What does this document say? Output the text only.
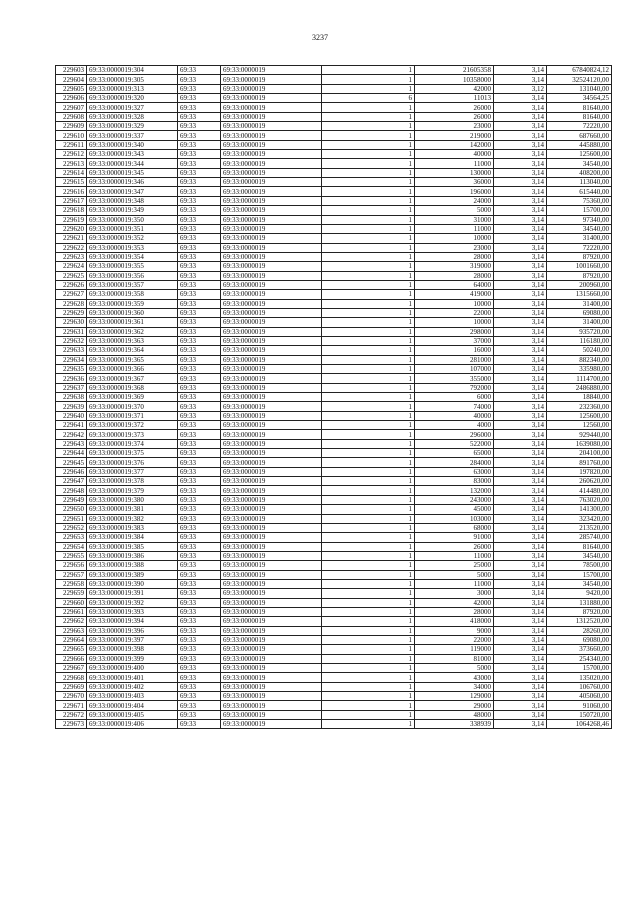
3237
229603	69:33:0000019:304	69:33	69:33:0000019	1	21605358	3,14	67840824,12
229604	69:33:0000019:305	69:33	69:33:0000019	1	10358000	3,14	32524120,00
229605	69:33:0000019:313	69:33	69:33:0000019	1	42000	3,12	131040,00
229606	69:33:0000019:320	69:33	69:33:0000019	6	11013	3,14	34564,25
229607	69:33:0000019:327	69:33	69:33:0000019	1	26000	3,14	81640,00
229608	69:33:0000019:328	69:33	69:33:0000019	1	26000	3,14	81640,00
229609	69:33:0000019:329	69:33	69:33:0000019	1	23000	3,14	72220,00
229610	69:33:0000019:337	69:33	69:33:0000019	1	219000	3,14	687660,00
229611	69:33:0000019:340	69:33	69:33:0000019	1	142000	3,14	445880,00
229612	69:33:0000019:343	69:33	69:33:0000019	1	40000	3,14	125600,00
229613	69:33:0000019:344	69:33	69:33:0000019	1	11000	3,14	34540,00
229614	69:33:0000019:345	69:33	69:33:0000019	1	130000	3,14	408200,00
229615	69:33:0000019:346	69:33	69:33:0000019	1	36000	3,14	113040,00
229616	69:33:0000019:347	69:33	69:33:0000019	1	196000	3,14	615440,00
229617	69:33:0000019:348	69:33	69:33:0000019	1	24000	3,14	75360,00
229618	69:33:0000019:349	69:33	69:33:0000019	1	5000	3,14	15700,00
229619	69:33:0000019:350	69:33	69:33:0000019	1	31000	3,14	97340,00
229620	69:33:0000019:351	69:33	69:33:0000019	1	11000	3,14	34540,00
229621	69:33:0000019:352	69:33	69:33:0000019	1	10000	3,14	31400,00
229622	69:33:0000019:353	69:33	69:33:0000019	1	23000	3,14	72220,00
229623	69:33:0000019:354	69:33	69:33:0000019	1	28000	3,14	87920,00
229624	69:33:0000019:355	69:33	69:33:0000019	1	319000	3,14	1001660,00
229625	69:33:0000019:356	69:33	69:33:0000019	1	28000	3,14	87920,00
229626	69:33:0000019:357	69:33	69:33:0000019	1	64000	3,14	200960,00
229627	69:33:0000019:358	69:33	69:33:0000019	1	419000	3,14	1315660,00
229628	69:33:0000019:359	69:33	69:33:0000019	1	10000	3,14	31400,00
229629	69:33:0000019:360	69:33	69:33:0000019	1	22000	3,14	69080,00
229630	69:33:0000019:361	69:33	69:33:0000019	1	10000	3,14	31400,00
229631	69:33:0000019:362	69:33	69:33:0000019	1	298000	3,14	935720,00
229632	69:33:0000019:363	69:33	69:33:0000019	1	37000	3,14	116180,00
229633	69:33:0000019:364	69:33	69:33:0000019	1	16000	3,14	50240,00
229634	69:33:0000019:365	69:33	69:33:0000019	1	281000	3,14	882340,00
229635	69:33:0000019:366	69:33	69:33:0000019	1	107000	3,14	335980,00
229636	69:33:0000019:367	69:33	69:33:0000019	1	355000	3,14	1114700,00
229637	69:33:0000019:368	69:33	69:33:0000019	1	792000	3,14	2486880,00
229638	69:33:0000019:369	69:33	69:33:0000019	1	6000	3,14	18840,00
229639	69:33:0000019:370	69:33	69:33:0000019	1	74000	3,14	232360,00
229640	69:33:0000019:371	69:33	69:33:0000019	1	40000	3,14	125600,00
229641	69:33:0000019:372	69:33	69:33:0000019	1	4000	3,14	12560,00
229642	69:33:0000019:373	69:33	69:33:0000019	1	296000	3,14	929440,00
229643	69:33:0000019:374	69:33	69:33:0000019	1	522000	3,14	1639080,00
229644	69:33:0000019:375	69:33	69:33:0000019	1	65000	3,14	204100,00
229645	69:33:0000019:376	69:33	69:33:0000019	1	284000	3,14	891760,00
229646	69:33:0000019:377	69:33	69:33:0000019	1	63000	3,14	197820,00
229647	69:33:0000019:378	69:33	69:33:0000019	1	83000	3,14	260620,00
229648	69:33:0000019:379	69:33	69:33:0000019	1	132000	3,14	414480,00
229649	69:33:0000019:380	69:33	69:33:0000019	1	243000	3,14	763020,00
229650	69:33:0000019:381	69:33	69:33:0000019	1	45000	3,14	141300,00
229651	69:33:0000019:382	69:33	69:33:0000019	1	103000	3,14	323420,00
229652	69:33:0000019:383	69:33	69:33:0000019	1	68000	3,14	213520,00
229653	69:33:0000019:384	69:33	69:33:0000019	1	91000	3,14	285740,00
229654	69:33:0000019:385	69:33	69:33:0000019	1	26000	3,14	81640,00
229655	69:33:0000019:386	69:33	69:33:0000019	1	11000	3,14	34540,00
229656	69:33:0000019:388	69:33	69:33:0000019	1	25000	3,14	78500,00
229657	69:33:0000019:389	69:33	69:33:0000019	1	5000	3,14	15700,00
229658	69:33:0000019:390	69:33	69:33:0000019	1	11000	3,14	34540,00
229659	69:33:0000019:391	69:33	69:33:0000019	1	3000	3,14	9420,00
229660	69:33:0000019:392	69:33	69:33:0000019	1	42000	3,14	131880,00
229661	69:33:0000019:393	69:33	69:33:0000019	1	28000	3,14	87920,00
229662	69:33:0000019:394	69:33	69:33:0000019	1	418000	3,14	1312520,00
229663	69:33:0000019:396	69:33	69:33:0000019	1	9000	3,14	28260,00
229664	69:33:0000019:397	69:33	69:33:0000019	1	22000	3,14	69080,00
229665	69:33:0000019:398	69:33	69:33:0000019	1	119000	3,14	373660,00
229666	69:33:0000019:399	69:33	69:33:0000019	1	81000	3,14	254340,00
229667	69:33:0000019:400	69:33	69:33:0000019	1	5000	3,14	15700,00
229668	69:33:0000019:401	69:33	69:33:0000019	1	43000	3,14	135020,00
229669	69:33:0000019:402	69:33	69:33:0000019	1	34000	3,14	106760,00
229670	69:33:0000019:403	69:33	69:33:0000019	1	129000	3,14	405060,00
229671	69:33:0000019:404	69:33	69:33:0000019	1	29000	3,14	91060,00
229672	69:33:0000019:405	69:33	69:33:0000019	1	48000	3,14	150720,00
229673	69:33:0000019:406	69:33	69:33:0000019	1	338939	3,14	1064268,46
